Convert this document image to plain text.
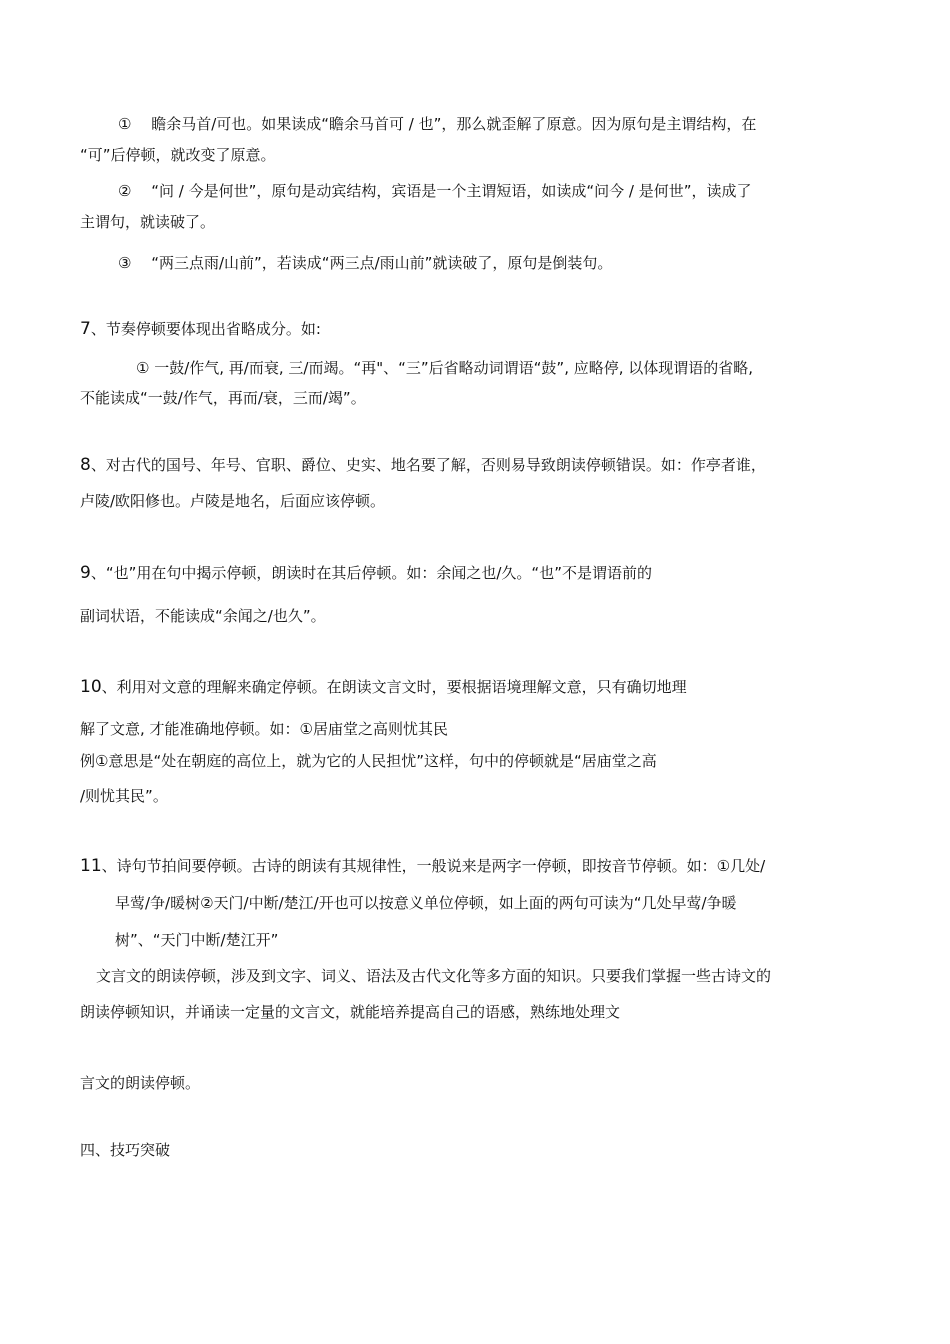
①　 瞻余马首/可也。如果读成“瞻余马首可 / 也”，那么就歪解了原意。因为原句是主谓结构，在
“可”后停顿，就改变了原意。
②　 “问 / 今是何世”，原句是动宾结构，宾语是一个主谓短语，如读成“问今 / 是何世”，读成了
主谓句，就读破了。
③　 “两三点雨/山前”，若读成“两三点/雨山前”就读破了，原句是倒装句。
7、节奏停顿要体现出省略成分。如:
① 一鼓/作气, 再/而衰, 三/而竭。“再"、“三”后省略动词谓语“鼓”, 应略停, 以体现谓语的省略,
不能读成“一鼓/作气，再而/衰，三而/竭”。
8、对古代的国号、年号、官职、爵位、史实、地名要了解，否则易导致朗读停顿错误。如：作亭者谁，
卢陵/欧阳修也。卢陵是地名，后面应该停顿。
9、“也”用在句中揭示停顿，朗读时在其后停顿。如：余闻之也/久。“也”不是谓语前的
副词状语，不能读成“余闻之/也久”。
10、利用对文意的理解来确定停顿。在朗读文言文时，要根据语境理解文意，只有确切地理
解了文意, 才能准确地停顿。如：①居庙堂之高则忧其民
例①意思是“处在朝庭的高位上，就为它的人民担忧”这样，句中的停顿就是“居庙堂之高
/则忧其民”。
11、诗句节拍间要停顿。古诗的朗读有其规律性，一般说来是两字一停顿，即按音节停顿。如：①几处/
早莺/争/暖树②天门/中断/楚江/开也可以按意义单位停顿，如上面的两句可读为“几处早莺/争暖
树”、“天门中断/楚江开”
文言文的朗读停顿，涉及到文字、词义、语法及古代文化等多方面的知识。只要我们掌握一些古诗文的
朗读停顿知识，并诵读一定量的文言文，就能培养提高自己的语感，熟练地处理文
言文的朗读停顿。
四、技巧突破
